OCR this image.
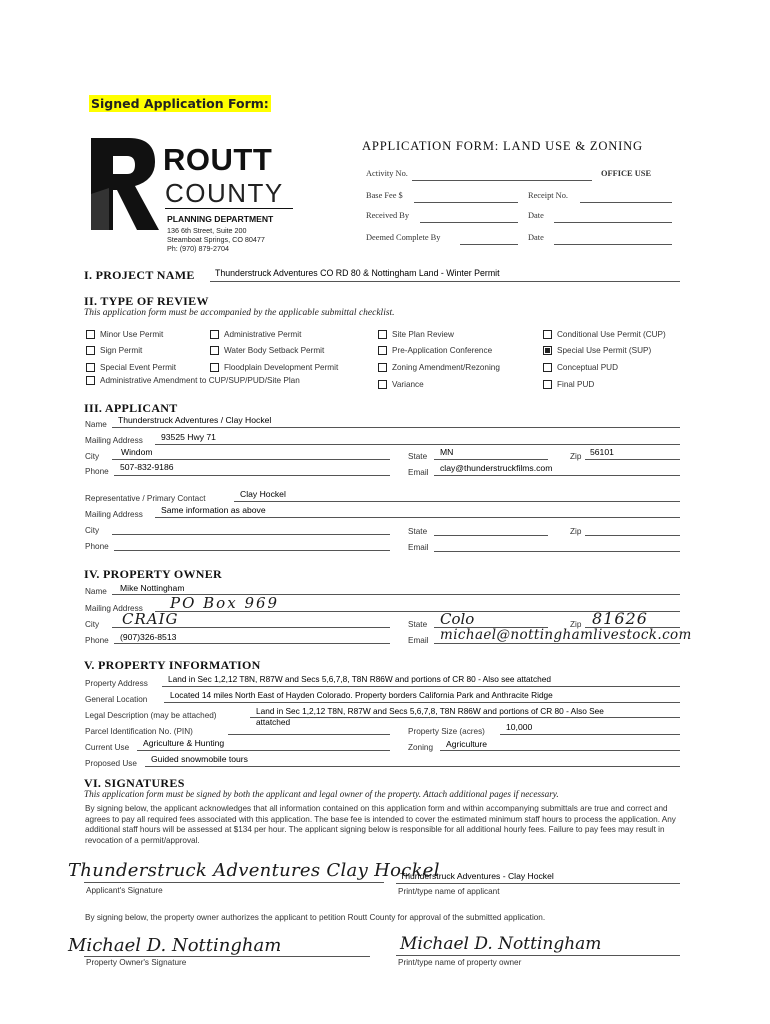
Signed Application Form:
ROUTT
COUNTY
PLANNING DEPARTMENT
136 6th Street, Suite 200
Steamboat Springs, CO 80477
Ph: (970) 879-2704
APPLICATION FORM: LAND USE & ZONING
Activity No.	OFFICE USE
Base Fee $	Receipt No.
Received By	Date
Deemed Complete By	Date
I. PROJECT NAME Thunderstruck Adventures CO RD 80 & Nottingham Land - Winter Permit
II. TYPE OF REVIEW
This application form must be accompanied by the applicable submittal checklist.
Minor Use Permit
Sign Permit
Special Event Permit
Administrative Permit
Water Body Setback Permit
Floodplain Development Permit
Site Plan Review
Pre-Application Conference
Zoning Amendment/Rezoning
Variance
Conditional Use Permit (CUP)
Special Use Permit (SUP)
Conceptual PUD
Final PUD
Administrative Amendment to CUP/SUP/PUD/Site Plan
III. APPLICANT
Name Thunderstruck Adventures / Clay Hockel
Mailing Address 93525 Hwy 71
City	Windom	State MN	Zip 56101
Phone 507-832-9186
Email clay@thunderstruckfilms.com
Representative / Primary Contact	Clay Hockel
Mailing Address Same information as above
City	State	Zip
Phone	Email
IV. PROPERTY OWNER
Name Mike Nottingham
Mailing Address PO Box 969
City CRAIG	State Colo	Zip 81626
Phone (907)326-8513	Email michael@nottinghamlivestock.com
V. PROPERTY INFORMATION
Property Address Land in Sec 1,2,12 T8N, R87W and Secs 5,6,7,8, T8N R86W and portions of CR 80 - Also see attatched
General Location	Located 14 miles North East of Hayden Colorado. Property borders California Park and Anthracite Ridge
Legal Description (may be attached)	Land in Sec 1,2,12 T8N, R87W and Secs 5,6,7,8, T8N R86W and portions of CR 80 - Also See
attatched
Parcel Identification No. (PIN)	Property Size (acres) 10,000
Current Use Agriculture & Hunting	Zoning Agriculture
Proposed Use Guided snowmobile tours
VI. SIGNATURES
This application form must be signed by both the applicant and legal owner of the property. Attach additional pages if necessary.
By signing below, the applicant acknowledges that all information contained on this application form and within accompanying submittals are true and correct and agrees to pay all required fees associated with this application. The base fee is intended to cover the estimated minimum staff hours to process the application. Any additional staff hours will be assessed at $134 per hour. The applicant signing below is responsible for all additional hourly fees. Failure to pay fees may result in revocation of a permit/approval.
Thunderstruck Adventures Clay Hockel
Applicant's Signature
Thunderstruck Adventures - Clay Hockel
Print/type name of applicant
By signing below, the property owner authorizes the applicant to petition Routt County for approval of the submitted application.
Michael D. Nottingham
Property Owner's Signature
Michael D. Nottingham
Print/type name of property owner
